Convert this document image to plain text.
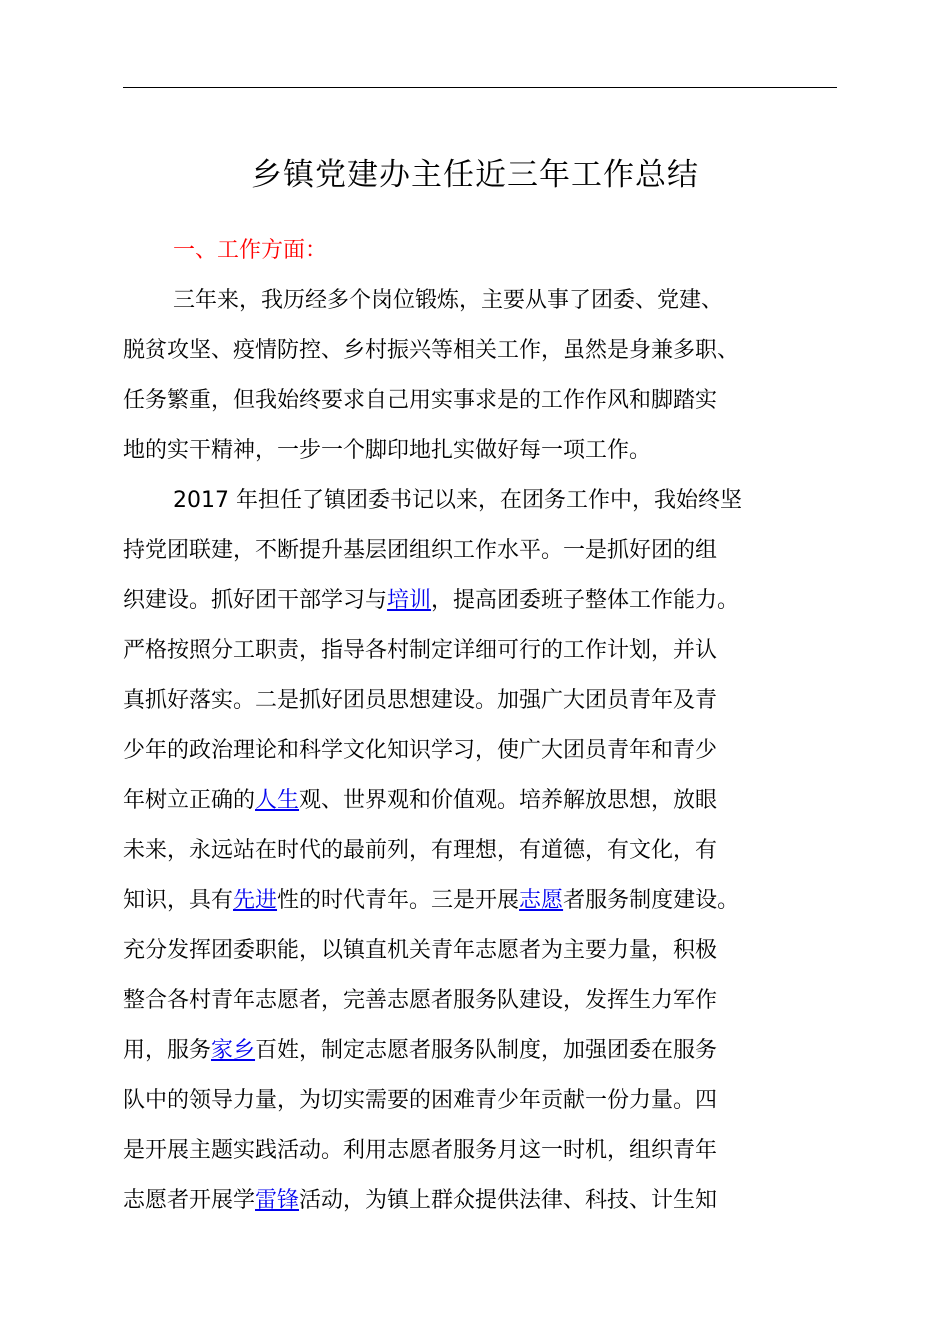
乡镇党建办主任近三年工作总结
一、工作方面：
三年来，我历经多个岗位锻炼，主要从事了团委、党建、
脱贫攻坚、疫情防控、乡村振兴等相关工作，虽然是身兼多职、
任务繁重，但我始终要求自己用实事求是的工作作风和脚踏实
地的实干精神，一步一个脚印地扎实做好每一项工作。
2017 年担任了镇团委书记以来，在团务工作中，我始终坚
持党团联建，不断提升基层团组织工作水平。一是抓好团的组
织建设。抓好团干部学习与培训，提高团委班子整体工作能力。
严格按照分工职责，指导各村制定详细可行的工作计划，并认
真抓好落实。二是抓好团员思想建设。加强广大团员青年及青
少年的政治理论和科学文化知识学习，使广大团员青年和青少
年树立正确的人生观、世界观和价值观。培养解放思想，放眼
未来，永远站在时代的最前列，有理想，有道德，有文化，有
知识，具有先进性的时代青年。三是开展志愿者服务制度建设。
充分发挥团委职能，以镇直机关青年志愿者为主要力量，积极
整合各村青年志愿者，完善志愿者服务队建设，发挥生力军作
用，服务家乡百姓，制定志愿者服务队制度，加强团委在服务
队中的领导力量，为切实需要的困难青少年贡献一份力量。四
是开展主题实践活动。利用志愿者服务月这一时机，组织青年
志愿者开展学雷锋活动，为镇上群众提供法律、科技、计生知
